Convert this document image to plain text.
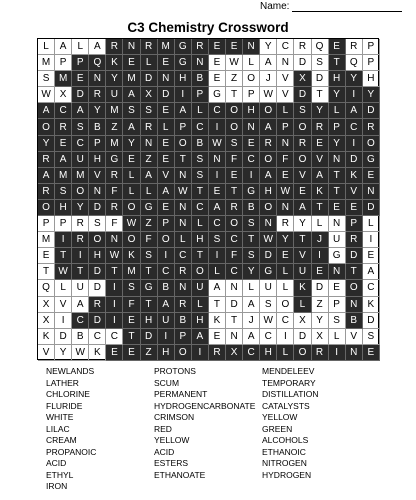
Name:
C3 Chemistry Crossword
L	A	L	A	R N R M G R	E	E	N	Y	C R Q E	R	P
M P	P Q K	E	L	E G N	E W L	A	N D	S	T	Q P
S M E	N	Y M D N H	B	E	Z	O	J	V	X	D H	Y	H
W X	D R U	A	X	D	I	P G	T	P W V	D	T	Y	I	Y
A	C	A	Y M S	S	E	A	L	C O H O	L	S	Y	L	A	D
O R	S	B	Z	A	R	L	P	C	I	O N	A	P O R	P	C R
Y	E	C	P M Y	N	E O B W S	E	R N R	E	Y	I	O
R	A	U H G E	Z	E	T	S	N	F	C O	F	O V	N D G
A M M V	R	L	A	V	N	S	I	E	I	A	E	V	A	T	K	E
R	S O N	F	L	L	A W T	E	T	G H W E	K	T	V	N
O H	Y	D R O G E	N C	A	R	B O N	A	T	E	E	D
P	P	R	S	F W Z	P	N	L	C O S	N R	Y	L	N	P	L
M	I	R O N O	F	O	L	H	S	C	T W Y	T	J	U R	I
E	T	I	H W K	S	I	C	T	I	F	S	D	E	V	I	G D	E
T W T	D	T M T	C R O	L	C	Y G	L	U	E	N	T	A
Q	L	U D	I	S G B	N U	A	N	L	U	L	K	D	E O C
X	V	A	R	I	F	T	A	R	L	T	D	A	S O	L	Z	P	N	K
X	I	C D	I	E	H U	B	H	K	T	J W C	X	Y	S	B	D
K	D	B	C C	T	D	I	P	A	E	N	A	C	I	D	X	L	V	S
V	Y W K	E	E	Z	H O	I	R	X	C H	L	O R	I	N	E
NEWLANDS	PROTONS	MENDELEEV
LATHER	SCUM	TEMPORARY
CHLORINE	PERMANENT	DISTILLATION
FLURIDE	HYDROGENCARBONATE CATALYSTS
WHITE	CRIMSON	YELLOW
LILAC	RED	GREEN
CREAM	YELLOW	ALCOHOLS
PROPANOIC	ACID	ETHANOIC
ACID	ESTERS	NITROGEN
ETHYL	ETHANOATE	HYDROGEN
IRON
